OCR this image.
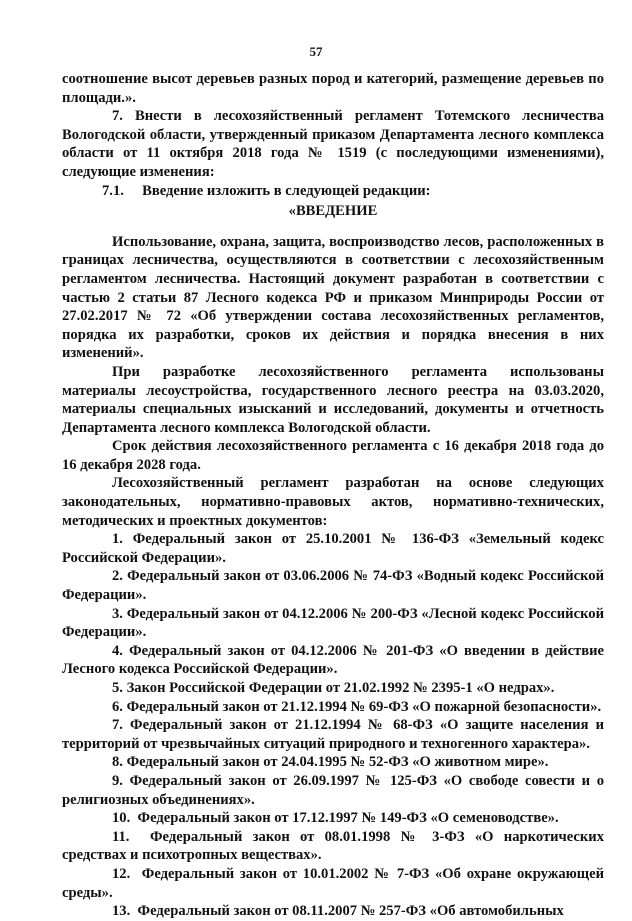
57

соотношение высот деревьев разных пород и категорий, размещение деревьев по площади.».

7. Внести в лесохозяйственный регламент Тотемского лесничества Вологодской области, утвержденный приказом Департамента лесного комплекса области от 11 октября 2018 года № 1519 (с последующими изменениями), следующие изменения:

7.1.     Введение изложить в следующей редакции:

«ВВЕДЕНИЕ

Использование, охрана, защита, воспроизводство лесов, расположенных в границах лесничества, осуществляются в соответствии с лесохозяйственным регламентом лесничества. Настоящий документ разработан в соответствии с частью 2 статьи 87 Лесного кодекса РФ и приказом Минприроды России от 27.02.2017 № 72 «Об утверждении состава лесохозяйственных регламентов, порядка их разработки, сроков их действия и порядка внесения в них изменений».

При разработке лесохозяйственного регламента использованы материалы лесоустройства, государственного лесного реестра на 03.03.2020, материалы специальных изысканий и исследований, документы и отчетность Департамента лесного комплекса Вологодской области.

Срок действия лесохозяйственного регламента с 16 декабря 2018 года до 16 декабря 2028 года.

Лесохозяйственный регламент разработан на основе следующих законодательных, нормативно-правовых актов, нормативно-технических, методических и проектных документов:

1. Федеральный закон от 25.10.2001 № 136-ФЗ «Земельный кодекс Российской Федерации».

2. Федеральный закон от 03.06.2006 № 74-ФЗ «Водный кодекс Российской Федерации».

3. Федеральный закон от 04.12.2006 № 200-ФЗ «Лесной кодекс Российской Федерации».

4. Федеральный закон от 04.12.2006 № 201-ФЗ «О введении в действие Лесного кодекса Российской Федерации».

5. Закон Российской Федерации от 21.02.1992 № 2395-1 «О недрах».

6. Федеральный закон от 21.12.1994 № 69-ФЗ «О пожарной безопасности».

7. Федеральный закон от 21.12.1994 № 68-ФЗ «О защите населения и территорий от чрезвычайных ситуаций природного и техногенного характера».

8. Федеральный закон от 24.04.1995 № 52-ФЗ «О животном мире».

9. Федеральный закон от 26.09.1997 № 125-ФЗ «О свободе совести и о религиозных объединениях».

10.  Федеральный закон от 17.12.1997 № 149-ФЗ «О семеноводстве».

11.  Федеральный закон от 08.01.1998 № 3-ФЗ «О наркотических средствах и психотропных веществах».

12.  Федеральный закон от 10.01.2002 № 7-ФЗ «Об охране окружающей среды».

13.  Федеральный закон от 08.11.2007 № 257-ФЗ «Об автомобильных
